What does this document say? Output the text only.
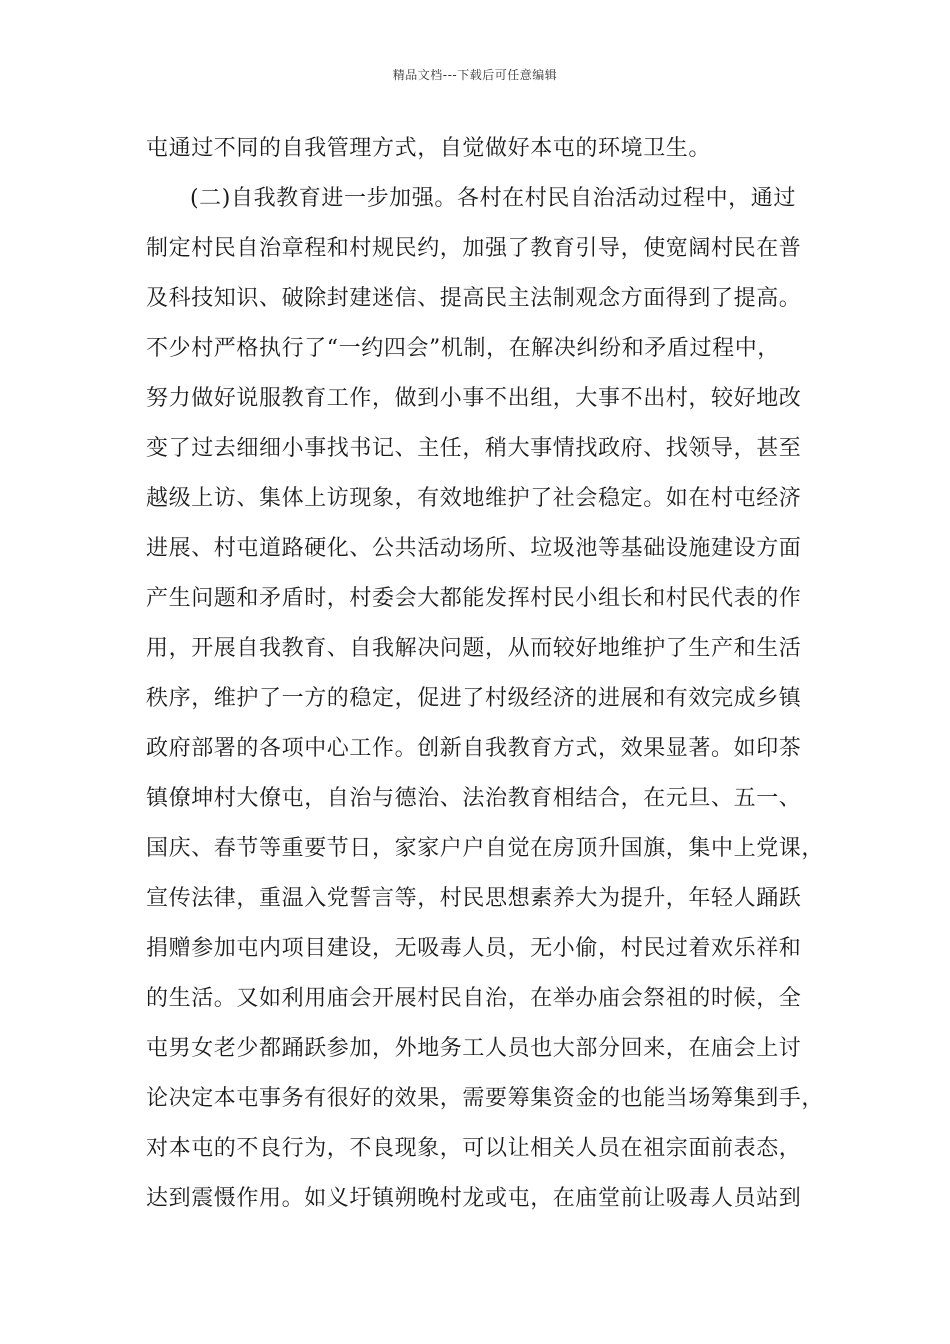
精品文档---下载后可任意编辑
屯通过不同的自我管理方式，自觉做好本屯的环境卫生。
(二)自我教育进一步加强。各村在村民自治活动过程中，通过
制定村民自治章程和村规民约，加强了教育引导，使宽阔村民在普
及科技知识、破除封建迷信、提高民主法制观念方面得到了提高。
不少村严格执行了“一约四会”机制，在解决纠纷和矛盾过程中，
努力做好说服教育工作，做到小事不出组，大事不出村，较好地改
变了过去细细小事找书记、主任，稍大事情找政府、找领导，甚至
越级上访、集体上访现象，有效地维护了社会稳定。如在村屯经济
进展、村屯道路硬化、公共活动场所、垃圾池等基础设施建设方面
产生问题和矛盾时，村委会大都能发挥村民小组长和村民代表的作
用，开展自我教育、自我解决问题，从而较好地维护了生产和生活
秩序，维护了一方的稳定，促进了村级经济的进展和有效完成乡镇
政府部署的各项中心工作。创新自我教育方式，效果显著。如印茶
镇僚坤村大僚屯，自治与德治、法治教育相结合，在元旦、五一、
国庆、春节等重要节日，家家户户自觉在房顶升国旗，集中上党课，
宣传法律，重温入党誓言等，村民思想素养大为提升，年轻人踊跃
捐赠参加屯内项目建设，无吸毒人员，无小偷，村民过着欢乐祥和
的生活。又如利用庙会开展村民自治，在举办庙会祭祖的时候，全
屯男女老少都踊跃参加，外地务工人员也大部分回来，在庙会上讨
论决定本屯事务有很好的效果，需要筹集资金的也能当场筹集到手，
对本屯的不良行为，不良现象，可以让相关人员在祖宗面前表态，
达到震慑作用。如义圩镇朔晚村龙或屯，在庙堂前让吸毒人员站到
